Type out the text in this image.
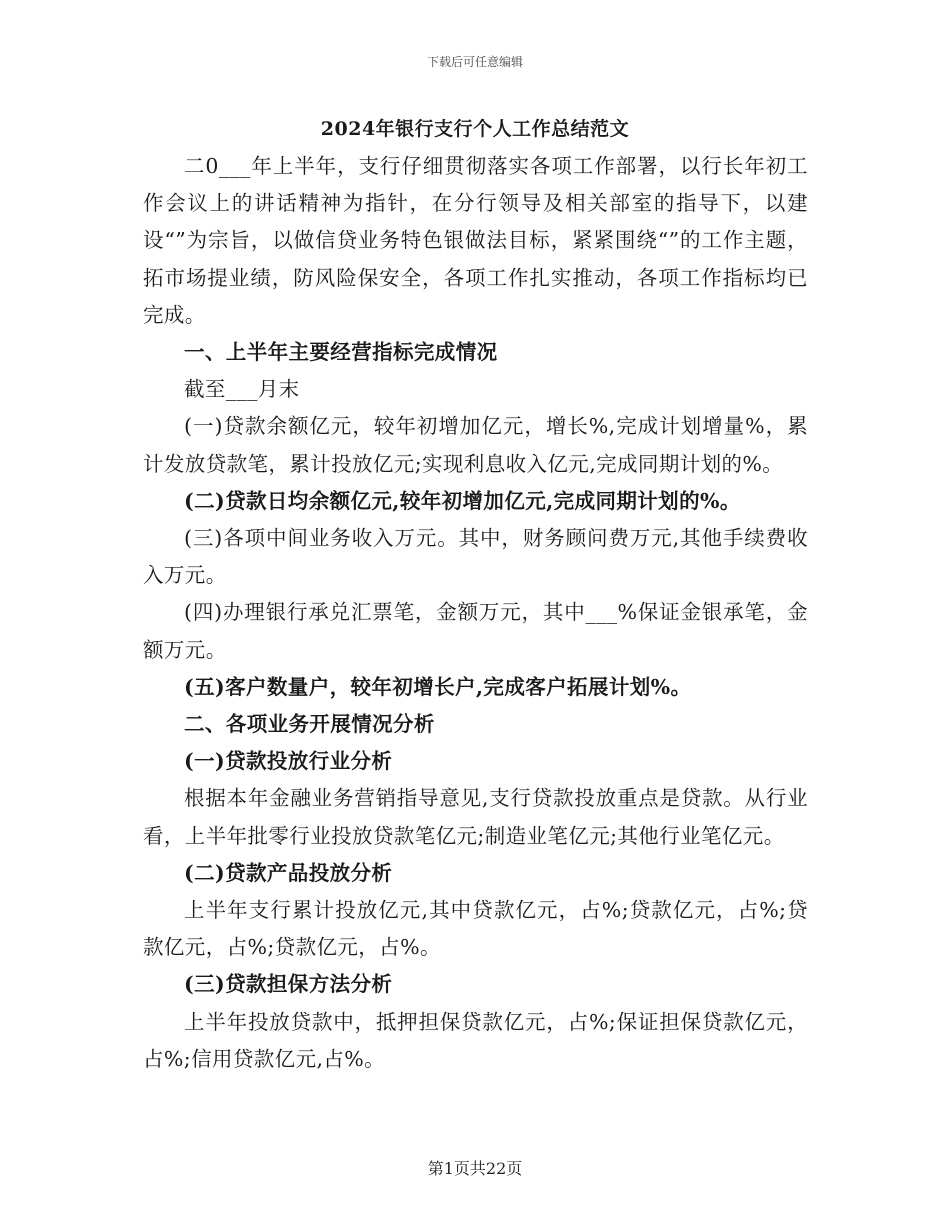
下载后可任意编辑
2024年银行支行个人工作总结范文

二0___年上半年，支行仔细贯彻落实各项工作部署，以行长年初工作会议上的讲话精神为指针，在分行领导及相关部室的指导下，以建设“”为宗旨，以做信贷业务特色银做法目标，紧紧围绕“”的工作主题，拓市场提业绩，防风险保安全，各项工作扎实推动，各项工作指标均已完成。

一、上半年主要经营指标完成情况

截至___月末

(一)贷款余额亿元，较年初增加亿元，增长%,完成计划增量%，累计发放贷款笔，累计投放亿元;实现利息收入亿元,完成同期计划的%。

(二)贷款日均余额亿元,较年初增加亿元,完成同期计划的%。

(三)各项中间业务收入万元。其中，财务顾问费万元,其他手续费收入万元。

(四)办理银行承兑汇票笔，金额万元，其中___%保证金银承笔，金额万元。

(五)客户数量户，较年初增长户,完成客户拓展计划%。

二、各项业务开展情况分析

(一)贷款投放行业分析

根据本年金融业务营销指导意见,支行贷款投放重点是贷款。从行业看，上半年批零行业投放贷款笔亿元;制造业笔亿元;其他行业笔亿元。

(二)贷款产品投放分析

上半年支行累计投放亿元,其中贷款亿元，占%;贷款亿元，占%;贷款亿元，占%;贷款亿元，占%。

(三)贷款担保方法分析

上半年投放贷款中，抵押担保贷款亿元，占%;保证担保贷款亿元，占%;信用贷款亿元,占%。

第1页共22页
